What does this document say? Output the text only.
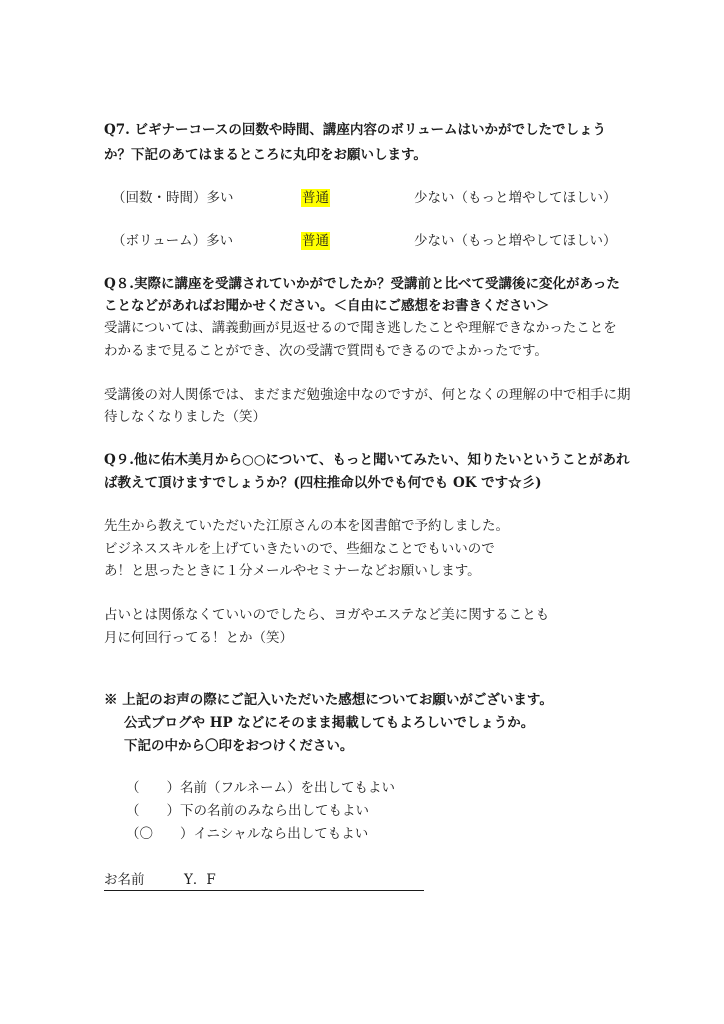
Q7. ビギナーコースの回数や時間、講座内容のボリュームはいかがでしたでしょう
か？下記のあてはまるところに丸印をお願いします。
（回数・時間）多い	普通	少ない（もっと増やしてほしい）
（ボリューム）多い	普通	少ない（もっと増やしてほしい）
Q８.実際に講座を受講されていかがでしたか？受講前と比べて受講後に変化があった
ことなどがあればお聞かせください。＜自由にご感想をお書きください＞
受講については、講義動画が見返せるので聞き逃したことや理解できなかったことを
わかるまで見ることができ、次の受講で質問もできるのでよかったです。
受講後の対人関係では、まだまだ勉強途中なのですが、何となくの理解の中で相手に期
待しなくなりました（笑）
Q９.他に佑木美月から○○について、もっと聞いてみたい、知りたいということがあれ
ば教えて頂けますでしょうか？(四柱推命以外でも何でも OK です☆彡)
先生から教えていただいた江原さんの本を図書館で予約しました。
ビジネススキルを上げていきたいので、些細なことでもいいので
あ！と思ったときに１分メールやセミナーなどお願いします。
占いとは関係なくていいのでしたら、ヨガやエステなど美に関することも
月に何回行ってる！とか（笑）
※ 上記のお声の際にご記入いただいた感想についてお願いがございます。
公式ブログや HP などにそのまま掲載してもよろしいでしょうか。
下記の中から〇印をおつけください。
（　　）名前（フルネーム）を出してもよい
（　　）下の名前のみなら出してもよい
（〇　　）イニシャルなら出してもよい
お名前	Y．F
